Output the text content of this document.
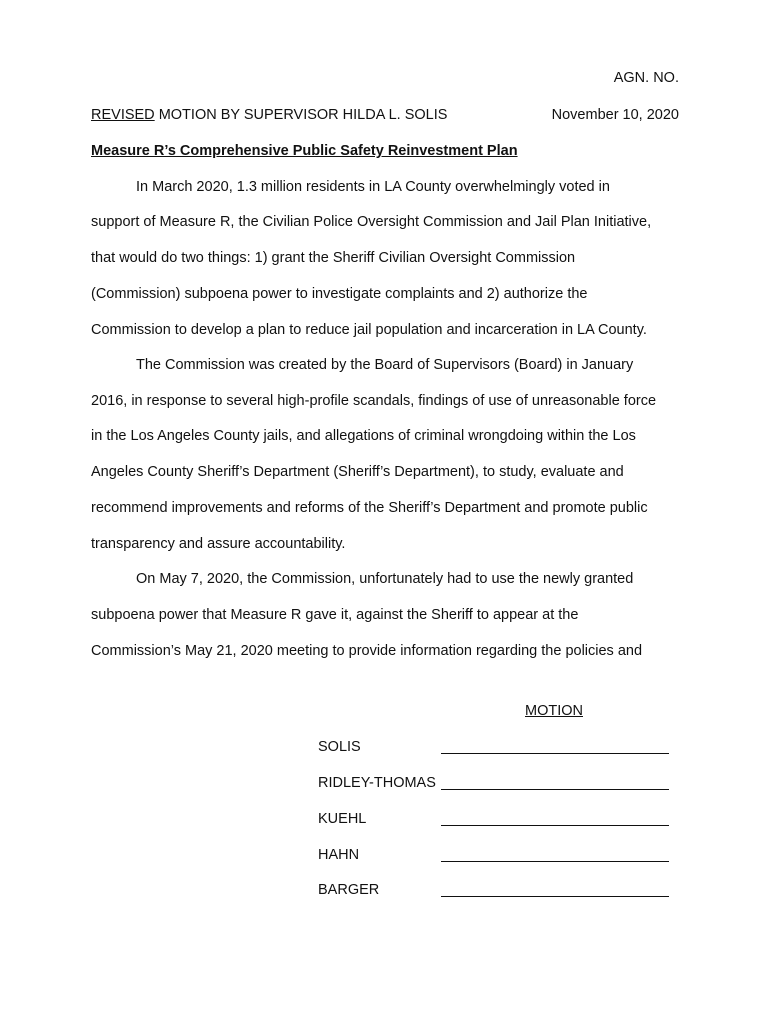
AGN. NO.
REVISED MOTION BY SUPERVISOR HILDA L. SOLIS	November 10, 2020
Measure R’s Comprehensive Public Safety Reinvestment Plan
In March 2020, 1.3 million residents in LA County overwhelmingly voted in
support of Measure R, the Civilian Police Oversight Commission and Jail Plan Initiative,
that would do two things: 1) grant the Sheriff Civilian Oversight Commission
(Commission) subpoena power to investigate complaints and 2) authorize the
Commission to develop a plan to reduce jail population and incarceration in LA County.
The Commission was created by the Board of Supervisors (Board) in January
2016, in response to several high-profile scandals, findings of use of unreasonable force
in the Los Angeles County jails, and allegations of criminal wrongdoing within the Los
Angeles County Sheriff’s Department (Sheriff’s Department), to study, evaluate and
recommend improvements and reforms of the Sheriff’s Department and promote public
transparency and assure accountability.
On May 7, 2020, the Commission, unfortunately had to use the newly granted
subpoena power that Measure R gave it, against the Sheriff to appear at the
Commission’s May 21, 2020 meeting to provide information regarding the policies and
MOTION
SOLIS
RIDLEY-THOMAS
KUEHL
HAHN
BARGER
